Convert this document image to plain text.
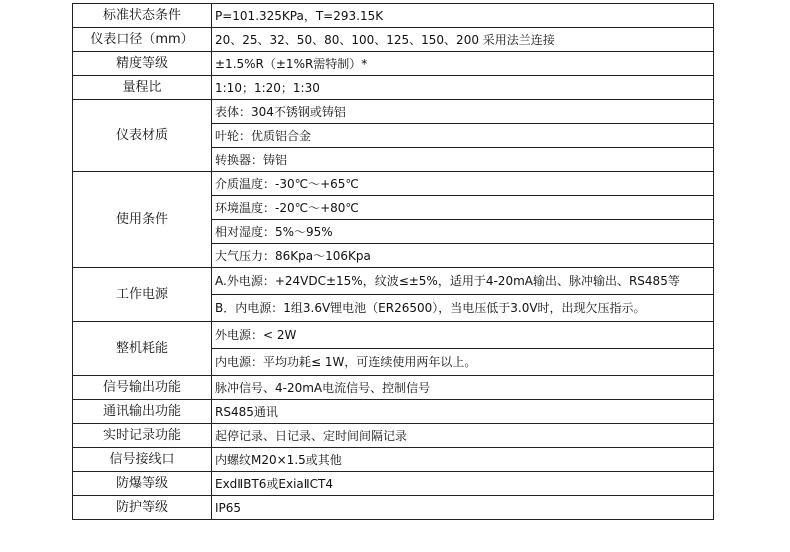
标准状态条件	P=101.325KPa，T=293.15K
仪表口径（mm）	20、25、32、50、80、100、125、150、200 采用法兰连接
精度等级	±1.5%R（±1%R需特制）*
量程比	1:10；1:20；1:30
仪表材质	表体：304不锈钢或铸铝
	叶轮：优质铝合金
	转换器：铸铝
使用条件	介质温度：-30℃～+65℃
	环境温度：-20℃～+80℃
	相对湿度：5%～95%
	大气压力：86Kpa～106Kpa
工作电源	A.外电源：+24VDC±15%，纹波≤±5%，适用于4-20mA输出、脉冲输出、RS485等
	B．内电源：1组3.6V锂电池（ER26500），当电压低于3.0V时，出现欠压指示。
整机耗能	外电源：< 2W
	内电源：平均功耗≤ 1W，可连续使用两年以上。
信号输出功能	脉冲信号、4-20mA电流信号、控制信号
通讯输出功能	RS485通讯
实时记录功能	起停记录、日记录、定时间间隔记录
信号接线口	内螺纹M20×1.5或其他
防爆等级	ExdⅡBT6或ExiaⅡCT4
防护等级	IP65
